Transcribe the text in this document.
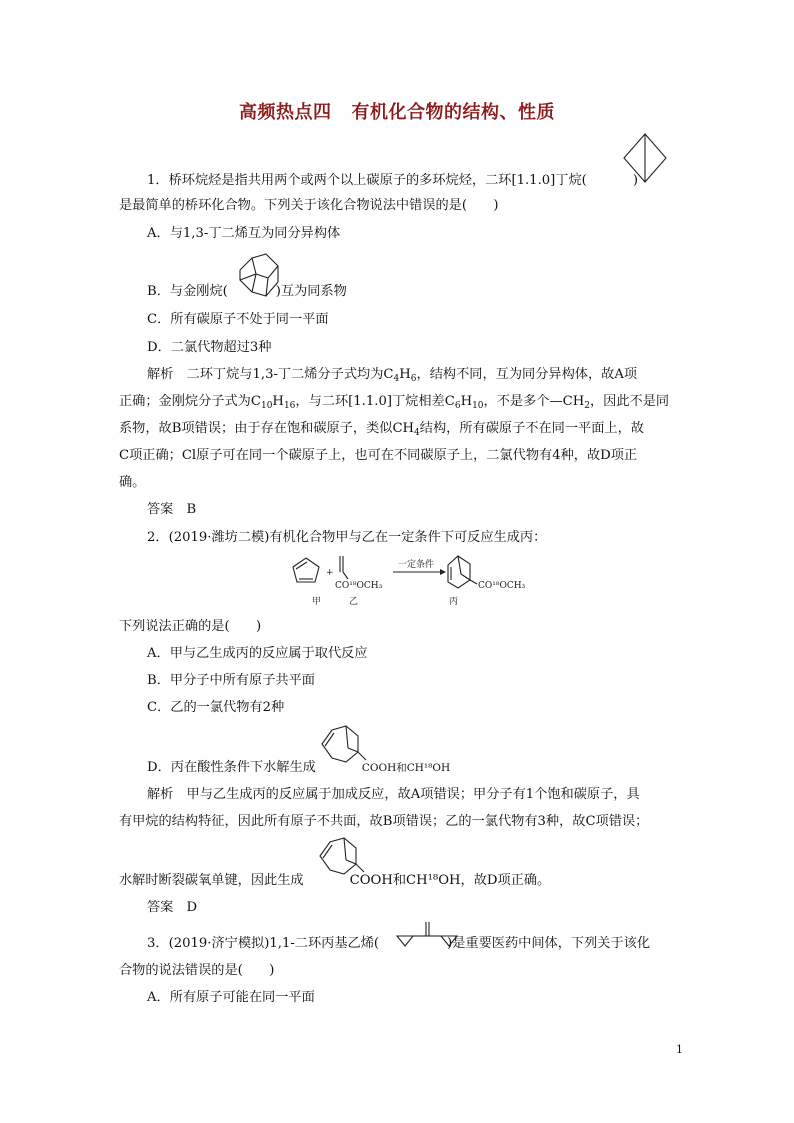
高频热点四 有机化合物的结构、性质
1．桥环烷烃是指共用两个或两个以上碳原子的多环烷烃，二环[1.1.0]丁烷(	)
是最简单的桥环化合物。下列关于该化合物说法中错误的是(　　)
A．与1,3-丁二烯互为同分异构体
B．与金刚烷(	)互为同系物
C．所有碳原子不处于同一平面
D．二氯代物超过3种
解析　二环丁烷与1,3-丁二烯分子式均为$C_4H_6$，结构不同，互为同分异构体，故A项
正确；金刚烷分子式为$C_{10}H_{16}$，与二环[1.1.0]丁烷相差$C_6H_{10}$，不是多个$—CH_2$，因此不是同
系物，故B项错误；由于存在饱和碳原子，类似$CH_4$结构，所有碳原子不在同一平面上，故
C项正确；Cl原子可在同一个碳原子上，也可在不同碳原子上，二氯代物有4种，故D项正
确。
答案　B
2．(2019·潍坊二模)有机化合物甲与乙在一定条件下可反应生成丙：
+
CO¹⁸OCH₃
一定条件
CO¹⁸OCH₃
甲	乙	丙
下列说法正确的是(　　)
A．甲与乙生成丙的反应属于取代反应
B．甲分子中所有原子共平面
C．乙的一氯代物有2种
D．丙在酸性条件下水解生成	COOH和CH¹⁸OH
解析　甲与乙生成丙的反应属于加成反应，故A项错误；甲分子有1个饱和碳原子，具
有甲烷的结构特征，因此所有原子不共面，故B项错误；乙的一氯代物有3种，故C项错误；
水解时断裂碳氧单键，因此生成	COOH和CH¹⁸OH，故D项正确。
答案　D
3．(2019·济宁模拟)1,1-二环丙基乙烯(	)是重要医药中间体，下列关于该化
合物的说法错误的是(　　)
A．所有原子可能在同一平面
1
